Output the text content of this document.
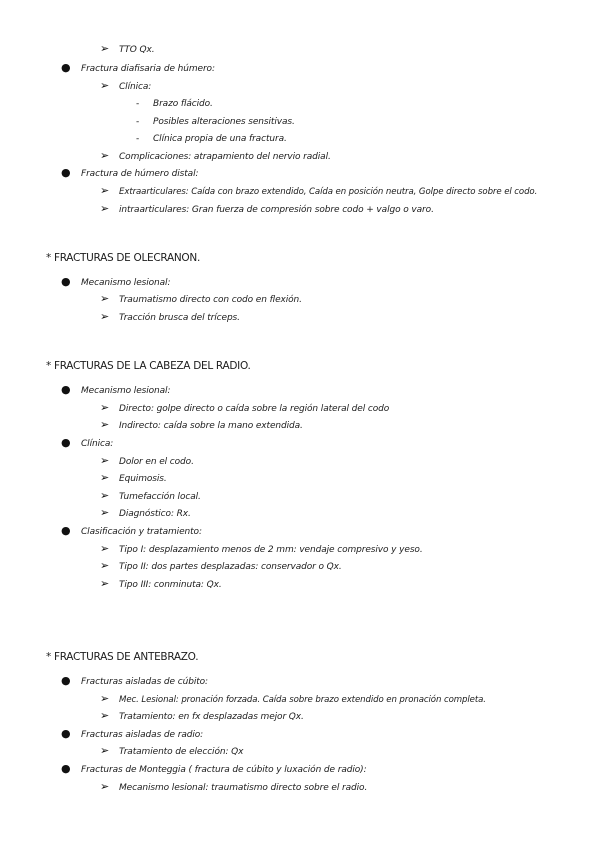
➢ TTO Qx.
● Fractura diafisaria de húmero:
➢ Clínica:
- Brazo flácido.
- Posibles alteraciones sensitivas.
- Clínica propia de una fractura.
➢ Complicaciones: atrapamiento del nervio radial.
● Fractura de húmero distal:
➢ Extraarticulares: Caída con brazo extendido, Caída en posición neutra, Golpe directo sobre el codo.
➢ intraarticulares: Gran fuerza de compresión sobre codo + valgo o varo.
* FRACTURAS DE OLECRANON.
● Mecanismo lesional:
➢ Traumatismo directo con codo en flexión.
➢ Tracción brusca del tríceps.
* FRACTURAS DE LA CABEZA DEL RADIO.
● Mecanismo lesional:
➢ Directo: golpe directo o caída sobre la región lateral del codo
➢ Indirecto: caída sobre la mano extendida.
● Clínica:
➢ Dolor en el codo.
➢ Equimosis.
➢ Tumefacción local.
➢ Diagnóstico: Rx.
● Clasificación y tratamiento:
➢ Tipo I: desplazamiento menos de 2 mm: vendaje compresivo y yeso.
➢ Tipo II: dos partes desplazadas: conservador o Qx.
➢ Tipo III: conminuta: Qx.
* FRACTURAS DE ANTEBRAZO.
● Fracturas aisladas de cúbito:
➢ Mec. Lesional: pronación forzada. Caída sobre brazo extendido en pronación completa.
➢ Tratamiento: en fx desplazadas mejor Qx.
● Fracturas aisladas de radio:
➢ Tratamiento de elección: Qx
● Fracturas de Monteggia ( fractura de cúbito y luxación de radio):
➢ Mecanismo lesional: traumatismo directo sobre el radio.
